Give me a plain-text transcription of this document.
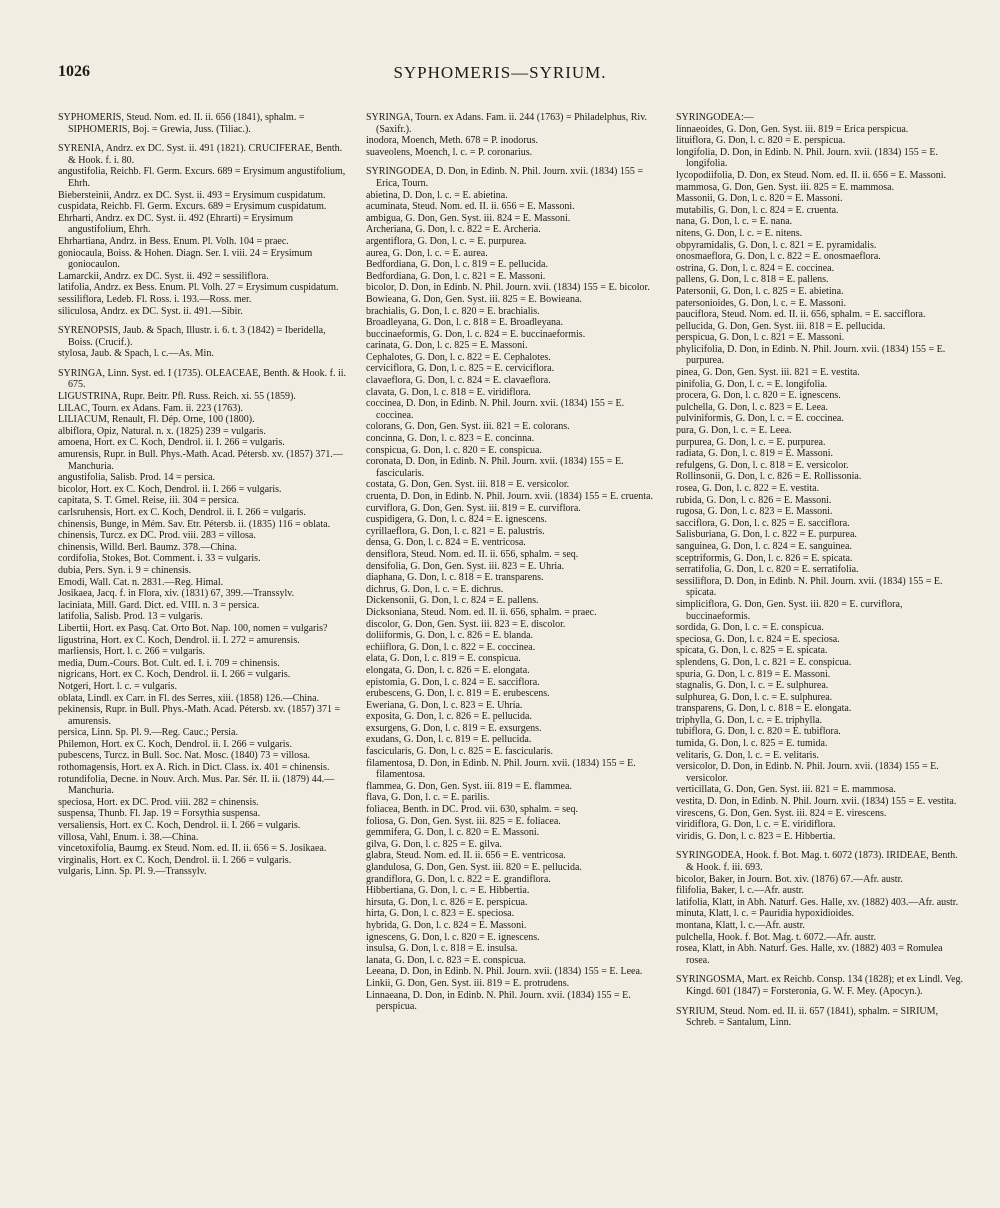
1026	SYPHOMERIS—SYRIUM.

SYPHOMERIS, Steud. Nom. ed. II. ii. 656 (1841), sphalm. = SIPHOMERIS, Boj. = Grewia, Juss. (Tiliac.).

SYRENIA, Andrz. ex DC. Syst. ii. 491 (1821). CRUCIFERAE, Benth. & Hook. f. i. 80.

angustifolia, Reichb. Fl. Germ. Excurs. 689 = Erysimum angustifolium, Ehrh.

Biebersteinii, Andrz. ex DC. Syst. ii. 493 = Erysimum cuspidatum.

cuspidata, Reichb. Fl. Germ. Excurs. 689 = Erysimum cuspidatum.

Ehrharti, Andrz. ex DC. Syst. ii. 492 (Ehrarti) = Erysimum angustifolium, Ehrh.

Ehrhartiana, Andrz. in Bess. Enum. Pl. Volh. 104 = praec.

goniocaula, Boiss. & Hohen. Diagn. Ser. I. viii. 24 = Erysimum goniocaulon.

Lamarckii, Andrz. ex DC. Syst. ii. 492 = sessiliflora.

latifolia, Andrz. ex Bess. Enum. Pl. Volh. 27 = Erysimum cuspidatum.

sessiliflora, Ledeb. Fl. Ross. i. 193.—Ross. mer.

siliculosa, Andrz. ex DC. Syst. ii. 491.—Sibir.

SYRENOPSIS, Jaub. & Spach, Illustr. i. 6. t. 3 (1842) = Iberidella, Boiss. (Crucif.).

stylosa, Jaub. & Spach, l. c.—As. Min.

SYRINGA, Linn. Syst. ed. I (1735). OLEACEAE, Benth. & Hook. f. ii. 675.

LIGUSTRINA, Rupr. Beitr. Pfl. Russ. Reich. xi. 55 (1859).

LILAC, Tourn. ex Adans. Fam. ii. 223 (1763).

LILIACUM, Renault, Fl. Dép. Orne, 100 (1800).

albiflora, Opiz, Natural. n. x. (1825) 239 = vulgaris.

amoena, Hort. ex C. Koch, Dendrol. ii. I. 266 = vulgaris.

amurensis, Rupr. in Bull. Phys.-Math. Acad. Pétersb. xv. (1857) 371.—Manchuria.

angustifolia, Salisb. Prod. 14 = persica.

bicolor, Hort. ex C. Koch, Dendrol. ii. I. 266 = vulgaris.

capitata, S. T. Gmel. Reise, iii. 304 = persica.

carlsruhensis, Hort. ex C. Koch, Dendrol. ii. I. 266 = vulgaris.

chinensis, Bunge, in Mém. Sav. Etr. Pétersb. ii. (1835) 116 = oblata.

chinensis, Turcz. ex DC. Prod. viii. 283 = villosa.

chinensis, Willd. Berl. Baumz. 378.—China.

cordifolia, Stokes, Bot. Comment. i. 33 = vulgaris.

dubia, Pers. Syn. i. 9 = chinensis.

Emodi, Wall. Cat. n. 2831.—Reg. Himal.

Josikaea, Jacq. f. in Flora, xiv. (1831) 67, 399.—Transsylv.

laciniata, Mill. Gard. Dict. ed. VIII. n. 3 = persica.

latifolia, Salisb. Prod. 13 = vulgaris.

Libertii, Hort. ex Pasq. Cat. Orto Bot. Nap. 100, nomen = vulgaris?

ligustrina, Hort. ex C. Koch, Dendrol. ii. I. 272 = amurensis.

marliensis, Hort. l. c. 266 = vulgaris.

media, Dum.-Cours. Bot. Cult. ed. I. i. 709 = chinensis.

nigricans, Hort. ex C. Koch, Dendrol. ii. I. 266 = vulgaris.

Notgeri, Hort. l. c. = vulgaris.

oblata, Lindl. ex Carr. in Fl. des Serres, xiii. (1858) 126.—China.

pekinensis, Rupr. in Bull. Phys.-Math. Acad. Pétersb. xv. (1857) 371 = amurensis.

persica, Linn. Sp. Pl. 9.—Reg. Cauc.; Persia.

Philemon, Hort. ex C. Koch, Dendrol. ii. I. 266 = vulgaris.

pubescens, Turcz. in Bull. Soc. Nat. Mosc. (1840) 73 = villosa.

rothomagensis, Hort. ex A. Rich. in Dict. Class. ix. 401 = chinensis.

rotundifolia, Decne. in Nouv. Arch. Mus. Par. Sér. II. ii. (1879) 44.—Manchuria.

speciosa, Hort. ex DC. Prod. viii. 282 = chinensis.

suspensa, Thunb. Fl. Jap. 19 = Forsythia suspensa.

versaliensis, Hort. ex C. Koch, Dendrol. ii. I. 266 = vulgaris.

villosa, Vahl, Enum. i. 38.—China.

vincetoxifolia, Baumg. ex Steud. Nom. ed. II. ii. 656 = S. Josikaea.

virginalis, Hort. ex C. Koch, Dendrol. ii. I. 266 = vulgaris.

vulgaris, Linn. Sp. Pl. 9.—Transsylv.

SYRINGA, Tourn. ex Adans. Fam. ii. 244 (1763) = Philadelphus, Riv. (Saxifr.).

inodora, Moench, Meth. 678 = P. inodorus.

suaveolens, Moench, l. c. = P. coronarius.

SYRINGODEA, D. Don, in Edinb. N. Phil. Journ. xvii. (1834) 155 = Erica, Tourn.

abietina, D. Don, l. c. = E. abietina.

acuminata, Steud. Nom. ed. II. ii. 656 = E. Massoni.

ambigua, G. Don, Gen. Syst. iii. 824 = E. Massoni.

Archeriana, G. Don, l. c. 822 = E. Archeria.

argentiflora, G. Don, l. c. = E. purpurea.

aurea, G. Don, l. c. = E. aurea.

Bedfordiana, G. Don, l. c. 819 = E. pellucida.

Bedfordiana, G. Don, l. c. 821 = E. Massoni.

bicolor, D. Don, in Edinb. N. Phil. Journ. xvii. (1834) 155 = E. bicolor.

Bowieana, G. Don, Gen. Syst. iii. 825 = E. Bowieana.

brachialis, G. Don, l. c. 820 = E. brachialis.

Broadleyana, G. Don, l. c. 818 = E. Broadleyana.

buccinaeformis, G. Don, l. c. 824 = E. buccinaeformis.

carinata, G. Don, l. c. 825 = E. Massoni.

Cephalotes, G. Don, l. c. 822 = E. Cephalotes.

cerviciflora, G. Don, l. c. 825 = E. cerviciflora.

clavaeflora, G. Don, l. c. 824 = E. clavaeflora.

clavata, G. Don, l. c. 818 = E. viridiflora.

coccinea, D. Don, in Edinb. N. Phil. Journ. xvii. (1834) 155 = E. coccinea.

colorans, G. Don, Gen. Syst. iii. 821 = E. colorans.

concinna, G. Don, l. c. 823 = E. concinna.

conspicua, G. Don, l. c. 820 = E. conspicua.

coronata, D. Don, in Edinb. N. Phil. Journ. xvii. (1834) 155 = E. fascicularis.

costata, G. Don, Gen. Syst. iii. 818 = E. versicolor.

cruenta, D. Don, in Edinb. N. Phil. Journ. xvii. (1834) 155 = E. cruenta.

curviflora, G. Don, Gen. Syst. iii. 819 = E. curviflora.

cuspidigera, G. Don, l. c. 824 = E. ignescens.

cyrillaeflora, G. Don, l. c. 821 = E. palustris.

densa, G. Don, l. c. 824 = E. ventricosa.

densiflora, Steud. Nom. ed. II. ii. 656, sphalm. = seq.

densifolia, G. Don, Gen. Syst. iii. 823 = E. Uhria.

diaphana, G. Don, l. c. 818 = E. transparens.

dichrus, G. Don, l. c. = E. dichrus.

Dickensonii, G. Don, l. c. 824 = E. pallens.

Dicksoniana, Steud. Nom. ed. II. ii. 656, sphalm. = praec.

discolor, G. Don, Gen. Syst. iii. 823 = E. discolor.

doliiformis, G. Don, l. c. 826 = E. blanda.

echiiflora, G. Don, l. c. 822 = E. coccinea.

elata, G. Don, l. c. 819 = E. conspicua.

elongata, G. Don, l. c. 826 = E. elongata.

epistomia, G. Don, l. c. 824 = E. sacciflora.

erubescens, G. Don, l. c. 819 = E. erubescens.

Eweriana, G. Don, l. c. 823 = E. Uhria.

exposita, G. Don, l. c. 826 = E. pellucida.

exsurgens, G. Don, l. c. 819 = E. exsurgens.

exudans, G. Don, l. c. 819 = E. pellucida.

fascicularis, G. Don, l. c. 825 = E. fascicularis.

filamentosa, D. Don, in Edinb. N. Phil. Journ. xvii. (1834) 155 = E. filamentosa.

flammea, G. Don, Gen. Syst. iii. 819 = E. flammea.

flava, G. Don, l. c. = E. parilis.

foliacea, Benth. in DC. Prod. vii. 630, sphalm. = seq.

foliosa, G. Don, Gen. Syst. iii. 825 = E. foliacea.

gemmifera, G. Don, l. c. 820 = E. Massoni.

gilva, G. Don, l. c. 825 = E. gilva.

glabra, Steud. Nom. ed. II. ii. 656 = E. ventricosa.

glandulosa, G. Don, Gen. Syst. iii. 820 = E. pellucida.

grandiflora, G. Don, l. c. 822 = E. grandiflora.

Hibbertiana, G. Don, l. c. = E. Hibbertia.

hirsuta, G. Don, l. c. 826 = E. perspicua.

hirta, G. Don, l. c. 823 = E. speciosa.

hybrida, G. Don, l. c. 824 = E. Massoni.

ignescens, G. Don, l. c. 820 = E. ignescens.

insulsa, G. Don, l. c. 818 = E. insulsa.

lanata, G. Don, l. c. 823 = E. conspicua.

Leeana, D. Don, in Edinb. N. Phil. Journ. xvii. (1834) 155 = E. Leea.

Linkii, G. Don, Gen. Syst. iii. 819 = E. protrudens.

Linnaeana, D. Don, in Edinb. N. Phil. Journ. xvii. (1834) 155 = E. perspicua.

SYRINGODEA:—

linnaeoides, G. Don, Gen. Syst. iii. 819 = Erica perspicua.

lituiflora, G. Don, l. c. 820 = E. perspicua.

longifolia, D. Don, in Edinb. N. Phil. Journ. xvii. (1834) 155 = E. longifolia.

lycopodiifolia, D. Don, ex Steud. Nom. ed. II. ii. 656 = E. Massoni.

mammosa, G. Don, Gen. Syst. iii. 825 = E. mammosa.

Massonii, G. Don, l. c. 820 = E. Massoni.

mutabilis, G. Don, l. c. 824 = E. cruenta.

nana, G. Don, l. c. = E. nana.

nitens, G. Don, l. c. = E. nitens.

obpyramidalis, G. Don, l. c. 821 = E. pyramidalis.

onosmaeflora, G. Don, l. c. 822 = E. onosmaeflora.

ostrina, G. Don, l. c. 824 = E. coccinea.

pallens, G. Don, l. c. 818 = E. pallens.

Patersonii, G. Don, l. c. 825 = E. abietina.

patersonioides, G. Don, l. c. = E. Massoni.

pauciflora, Steud. Nom. ed. II. ii. 656, sphalm. = E. sacciflora.

pellucida, G. Don, Gen. Syst. iii. 818 = E. pellucida.

perspicua, G. Don, l. c. 821 = E. Massoni.

phylicifolia, D. Don, in Edinb. N. Phil. Journ. xvii. (1834) 155 = E. purpurea.

pinea, G. Don, Gen. Syst. iii. 821 = E. vestita.

pinifolia, G. Don, l. c. = E. longifolia.

procera, G. Don, l. c. 820 = E. ignescens.

pulchella, G. Don, l. c. 823 = E. Leea.

pulviniformis, G. Don, l. c. = E. coccinea.

pura, G. Don, l. c. = E. Leea.

purpurea, G. Don, l. c. = E. purpurea.

radiata, G. Don, l. c. 819 = E. Massoni.

refulgens, G. Don, l. c. 818 = E. versicolor.

Rollinsonii, G. Don, l. c. 826 = E. Rollissonia.

rosea, G. Don, l. c. 822 = E. vestita.

rubida, G. Don, l. c. 826 = E. Massoni.

rugosa, G. Don, l. c. 823 = E. Massoni.

sacciflora, G. Don, l. c. 825 = E. sacciflora.

Salisburiana, G. Don, l. c. 822 = E. purpurea.

sanguinea, G. Don, l. c. 824 = E. sanguinea.

sceptriformis, G. Don, l. c. 826 = E. spicata.

serratifolia, G. Don, l. c. 820 = E. serratifolia.

sessiliflora, D. Don, in Edinb. N. Phil. Journ. xvii. (1834) 155 = E. spicata.

simpliciflora, G. Don, Gen. Syst. iii. 820 = E. curviflora, buccinaeformis.

sordida, G. Don, l. c. = E. conspicua.

speciosa, G. Don, l. c. 824 = E. speciosa.

spicata, G. Don, l. c. 825 = E. spicata.

splendens, G. Don, l. c. 821 = E. conspicua.

spuria, G. Don, l. c. 819 = E. Massoni.

stagnalis, G. Don, l. c. = E. sulphurea.

sulphurea, G. Don, l. c. = E. sulphurea.

transparens, G. Don, l. c. 818 = E. elongata.

triphylla, G. Don, l. c. = E. triphylla.

tubiflora, G. Don, l. c. 820 = E. tubiflora.

tumida, G. Don, l. c. 825 = E. tumida.

velitaris, G. Don, l. c. = E. velitaris.

versicolor, D. Don, in Edinb. N. Phil. Journ. xvii. (1834) 155 = E. versicolor.

verticillata, G. Don, Gen. Syst. iii. 821 = E. mammosa.

vestita, D. Don, in Edinb. N. Phil. Journ. xvii. (1834) 155 = E. vestita.

virescens, G. Don, Gen. Syst. iii. 824 = E. virescens.

viridiflora, G. Don, l. c. = E. viridiflora.

viridis, G. Don, l. c. 823 = E. Hibbertia.

SYRINGODEA, Hook. f. Bot. Mag. t. 6072 (1873). IRIDEAE, Benth. & Hook. f. iii. 693.

bicolor, Baker, in Journ. Bot. xiv. (1876) 67.—Afr. austr.

filifolia, Baker, l. c.—Afr. austr.

latifolia, Klatt, in Abh. Naturf. Ges. Halle, xv. (1882) 403.—Afr. austr.

minuta, Klatt, l. c. = Pauridia hypoxidioides.

montana, Klatt, l. c.—Afr. austr.

pulchella, Hook. f. Bot. Mag. t. 6072.—Afr. austr.

rosea, Klatt, in Abh. Naturf. Ges. Halle, xv. (1882) 403 = Romulea rosea.

SYRINGOSMA, Mart. ex Reichb. Consp. 134 (1828); et ex Lindl. Veg. Kingd. 601 (1847) = Forsteronia, G. W. F. Mey. (Apocyn.).

SYRIUM, Steud. Nom. ed. II. ii. 657 (1841), sphalm. = SIRIUM, Schreb. = Santalum, Linn.
